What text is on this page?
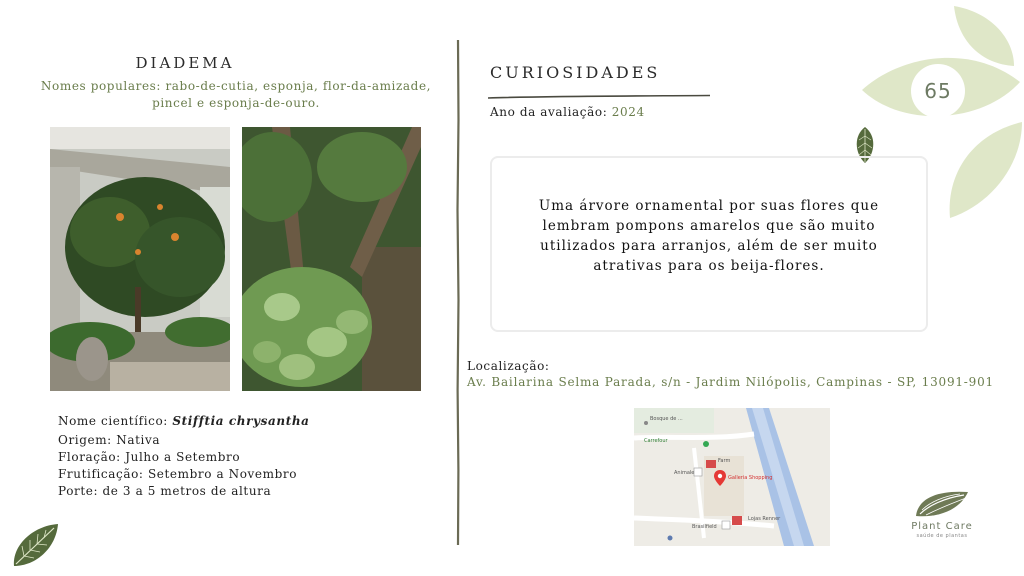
DIADEMA
Nomes populares: rabo-de-cutia, esponja, flor-da-amizade, pincel e esponja-de-ouro.
Nome científico: Stifftia chrysantha
Origem: Nativa
Floração: Julho a Setembro
Frutificação: Setembro a Novembro
Porte: de 3 a 5 metros de altura
CURIOSIDADES
Ano da avaliação: 2024
Uma árvore ornamental por suas flores que lembram pompons amarelos que são muito utilizados para arranjos, além de ser muito atrativas para os beija-flores.
Localização:
Av. Bailarina Selma Parada, s/n - Jardim Nilópolis, Campinas - SP, 13091-901
Bosque de ...
Carrefour
Farm
Galleria Shopping
Animale
Lojas Renner
Brasilfield
65
Plant Care
saúde de plantas
